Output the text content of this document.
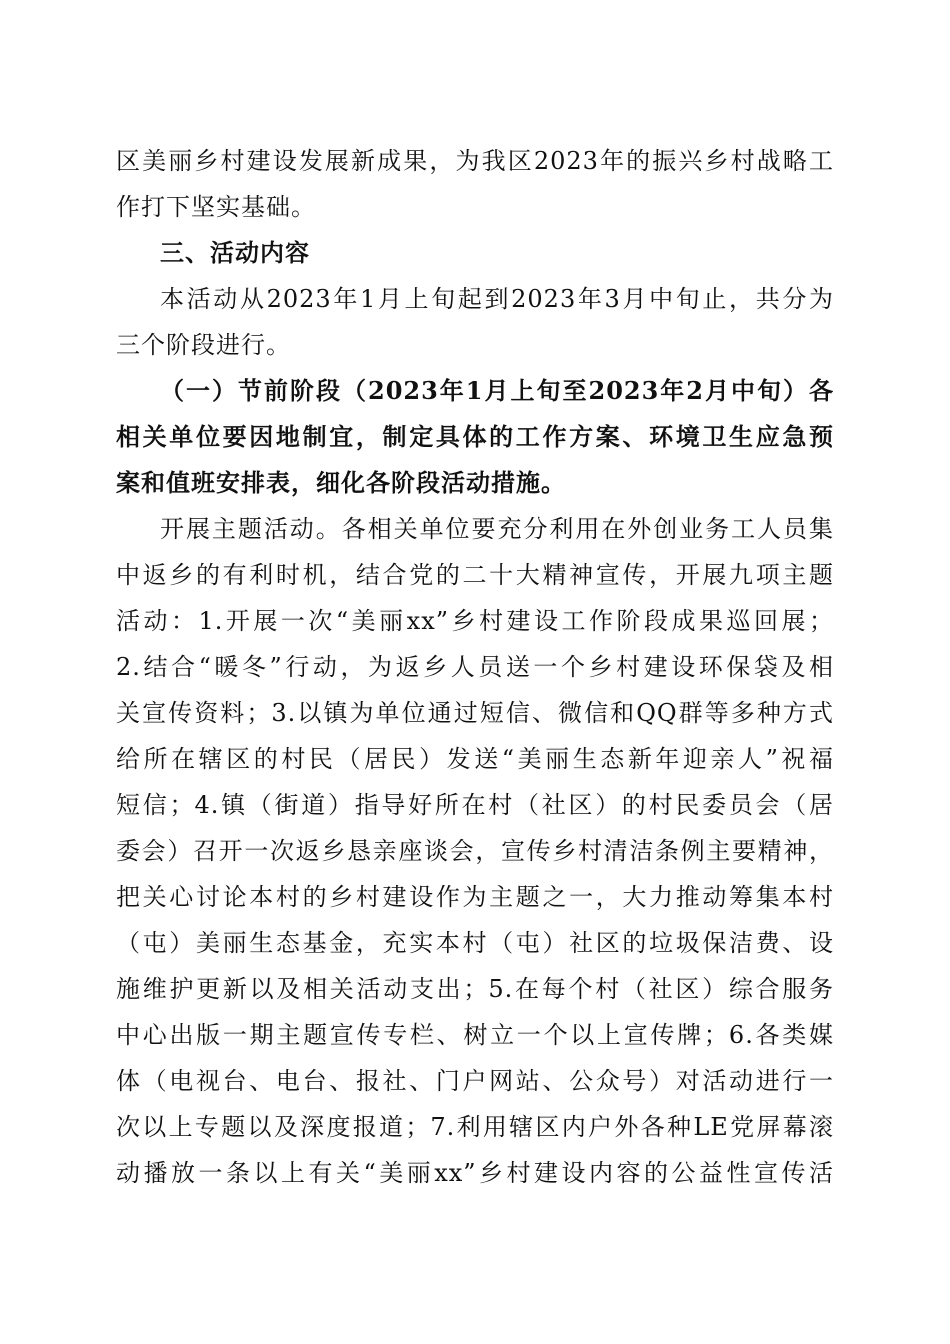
区美丽乡村建设发展新成果，为我区2023年的振兴乡村战略工
作打下坚实基础。
三、活动内容
本活动从2023年1月上旬起到2023年3月中旬止，共分为
三个阶段进行。
（一）节前阶段（2023年1月上旬至2023年2月中旬）各
相关单位要因地制宜，制定具体的工作方案、环境卫生应急预
案和值班安排表，细化各阶段活动措施。
开展主题活动。各相关单位要充分利用在外创业务工人员集
中返乡的有利时机，结合党的二十大精神宣传，开展九项主题
活动：1.开展一次“美丽xx”乡村建设工作阶段成果巡回展；
2.结合“暖冬”行动，为返乡人员送一个乡村建设环保袋及相
关宣传资料；3.以镇为单位通过短信、微信和QQ群等多种方式
给所在辖区的村民（居民）发送“美丽生态新年迎亲人”祝福
短信；4.镇（街道）指导好所在村（社区）的村民委员会（居
委会）召开一次返乡恳亲座谈会，宣传乡村清洁条例主要精神，
把关心讨论本村的乡村建设作为主题之一，大力推动筹集本村
（屯）美丽生态基金，充实本村（屯）社区的垃圾保洁费、设
施维护更新以及相关活动支出；5.在每个村（社区）综合服务
中心出版一期主题宣传专栏、树立一个以上宣传牌；6.各类媒
体（电视台、电台、报社、门户网站、公众号）对活动进行一
次以上专题以及深度报道；7.利用辖区内户外各种LE党屏幕滚
动播放一条以上有关“美丽xx”乡村建设内容的公益性宣传活
